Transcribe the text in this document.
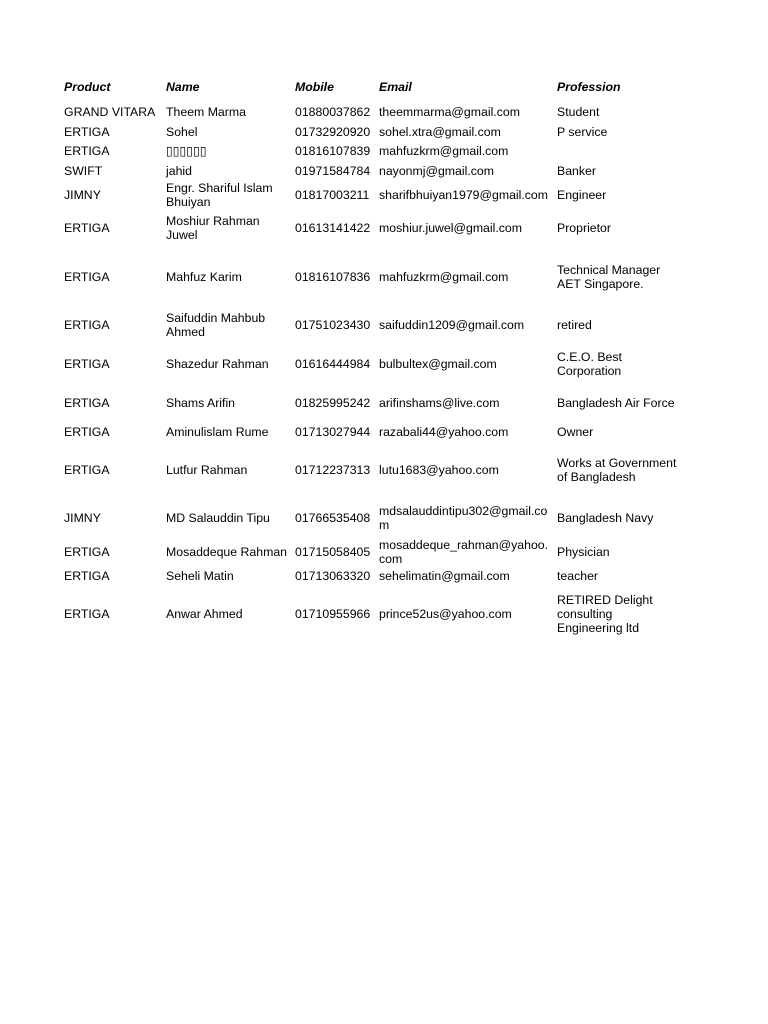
Product	Name	Mobile	Email	Profession
GRAND VITARA	Theem Marma	01880037862	theemmarma@gmail.com	Student
ERTIGA	Sohel	01732920920	sohel.xtra@gmail.com	P service
ERTIGA	▯▯▯▯▯▯	01816107839	mahfuzkrm@gmail.com	
SWIFT	jahid	01971584784	nayonmj@gmail.com	Banker
JIMNY	Engr. Shariful Islam Bhuiyan	01817003211	sharifbhuiyan1979@gmail.com	Engineer
ERTIGA	Moshiur Rahman Juwel	01613141422	moshiur.juwel@gmail.com	Proprietor
ERTIGA	Mahfuz Karim	01816107836	mahfuzkrm@gmail.com	Technical Manager AET Singapore.
ERTIGA	Saifuddin Mahbub Ahmed	01751023430	saifuddin1209@gmail.com	retired
ERTIGA	Shazedur Rahman	01616444984	bulbultex@gmail.com	C.E.O. Best Corporation
ERTIGA	Shams Arifin	01825995242	arifinshams@live.com	Bangladesh Air Force
ERTIGA	Aminulislam Rume	01713027944	razabali44@yahoo.com	Owner
ERTIGA	Lutfur Rahman	01712237313	lutu1683@yahoo.com	Works at Government of Bangladesh
JIMNY	MD Salauddin Tipu	01766535408	mdsalauddintipu302@gmail.com	Bangladesh Navy
ERTIGA	Mosaddeque Rahman	01715058405	mosaddeque_rahman@yahoo.com	Physician
ERTIGA	Seheli Matin	01713063320	sehelimatin@gmail.com	teacher
ERTIGA	Anwar Ahmed	01710955966	prince52us@yahoo.com	RETIRED Delight consulting Engineering ltd
